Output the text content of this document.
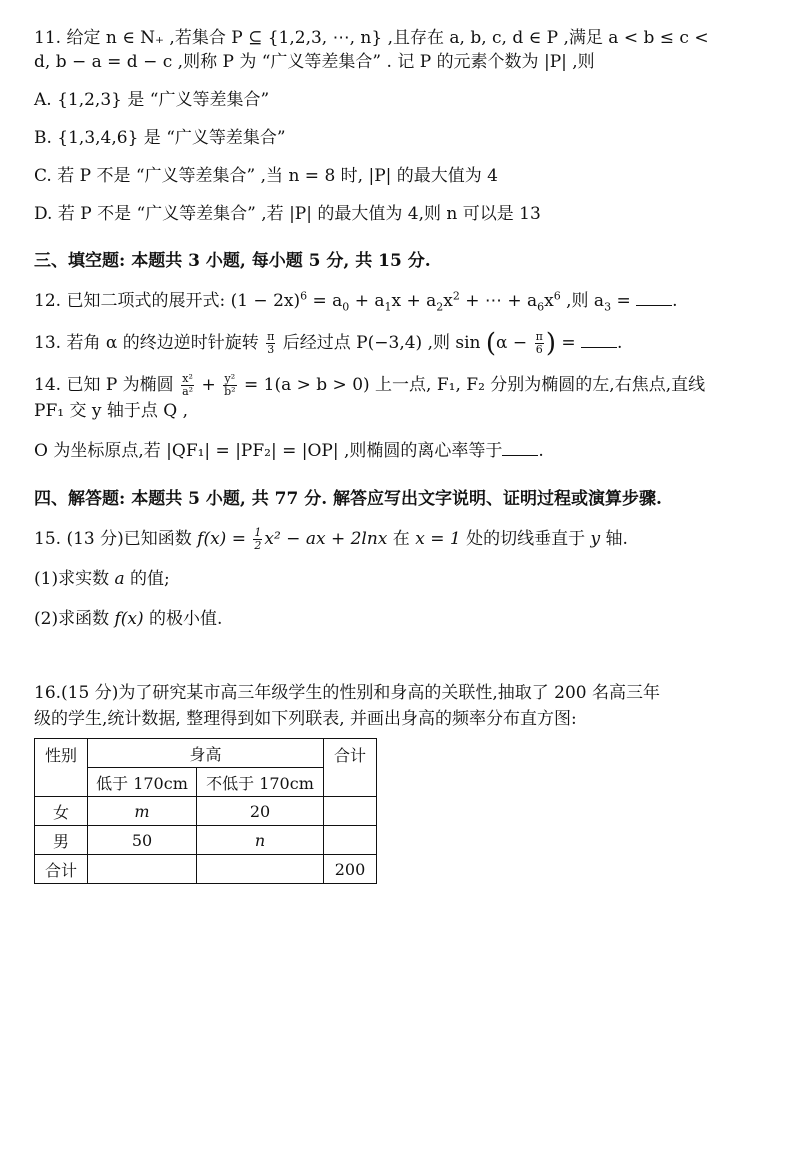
11. 给定 n ∈ N₊ ,若集合 P ⊆ {1,2,3, ⋯, n} ,且存在 a, b, c, d ∈ P ,满足 a < b ≤ c <

d, b − a = d − c ,则称 P 为 “广义等差集合” . 记 P 的元素个数为 |P| ,则

A. {1,2,3} 是 “广义等差集合”

B. {1,3,4,6} 是 “广义等差集合”

C. 若 P 不是 “广义等差集合” ,当 n = 8 时, |P| 的最大值为 4

D. 若 P 不是 “广义等差集合” ,若 |P| 的最大值为 4,则 n 可以是 13

三、填空题: 本题共 3 小题, 每小题 5 分, 共 15 分.

12. 已知二项式的展开式: $(1 - 2x)^6 = a_0 + a_1x + a_2x^2$ + ⋯ + $a_6x^6$ ,则 $a_3$ = .

13. 若角 α 的终边逆时针旋转 $\frac{\pi}{3}$ 后经过点 P(−3,4) ,则 $\sin (\alpha - \frac{\pi}{6}$ ) = .

14. 已知 P 为椭圆 $\frac{\text{x²}}{\text{a²}} + \frac{\text{y²}}{\text{b²}} = 1(a > b > 0)$ 上一点, F₁, F₂ 分别为椭圆的左,右焦点,直线

PF₁ 交 y 轴于点 Q ,

O 为坐标原点,若 |QF₁| = |PF₂| = |OP| ,则椭圆的离心率等于 .

四、解答题: 本题共 5 小题, 共 77 分. 解答应写出文字说明、证明过程或演算步骤.

15. (13 分)已知函数 $f(x) = \frac{1}{2} x^2$ − ax + 2lnx 在 x = 1 处的切线垂直于 y 轴.

(1)求实数 a 的值;

(2)求函数 f(x) 的极小值.

16.(15 分)为了研究某市高三年级学生的性别和身高的关联性,抽取了 200 名高三年

级的学生,统计数据, 整理得到如下列联表, 并画出身高的频率分布直方图:

性别	身高		合计
	低于 170cm	不低于 170cm	
女	m	20	
男	50	n	
合计			200
